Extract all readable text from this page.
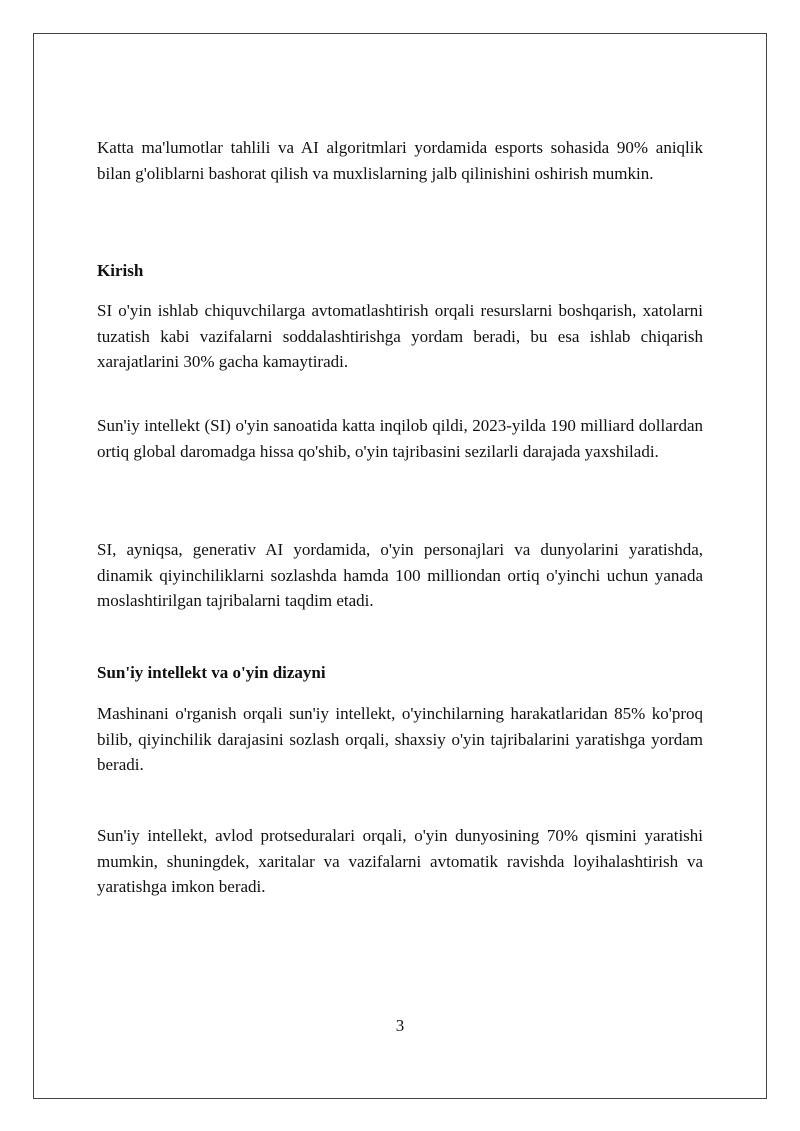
Katta ma'lumotlar tahlili va AI algoritmlari yordamida esports sohasida 90% aniqlik bilan g'oliblarni bashorat qilish va muxlislarning jalb qilinishini oshirish mumkin.

Kirish

SI o'yin ishlab chiquvchilarga avtomatlashtirish orqali resurslarni boshqarish, xatolarni tuzatish kabi vazifalarni soddalashtirishga yordam beradi, bu esa ishlab chiqarish xarajatlarini 30% gacha kamaytiradi.

Sun'iy intellekt (SI) o'yin sanoatida katta inqilob qildi, 2023-yilda 190 milliard dollardan ortiq global daromadga hissa qo'shib, o'yin tajribasini sezilarli darajada yaxshiladi.

SI, ayniqsa, generativ AI yordamida, o'yin personajlari va dunyolarini yaratishda, dinamik qiyinchiliklarni sozlashda hamda 100 milliondan ortiq o'yinchi uchun yanada moslashtirilgan tajribalarni taqdim etadi.

Sun'iy intellekt va o'yin dizayni

Mashinani o'rganish orqali sun'iy intellekt, o'yinchilarning harakatlaridan 85% ko'proq bilib, qiyinchilik darajasini sozlash orqali, shaxsiy o'yin tajribalarini yaratishga yordam beradi.

Sun'iy intellekt, avlod protseduralari orqali, o'yin dunyosining 70% qismini yaratishi mumkin, shuningdek, xaritalar va vazifalarni avtomatik ravishda loyihalashtirish va yaratishga imkon beradi.

3
